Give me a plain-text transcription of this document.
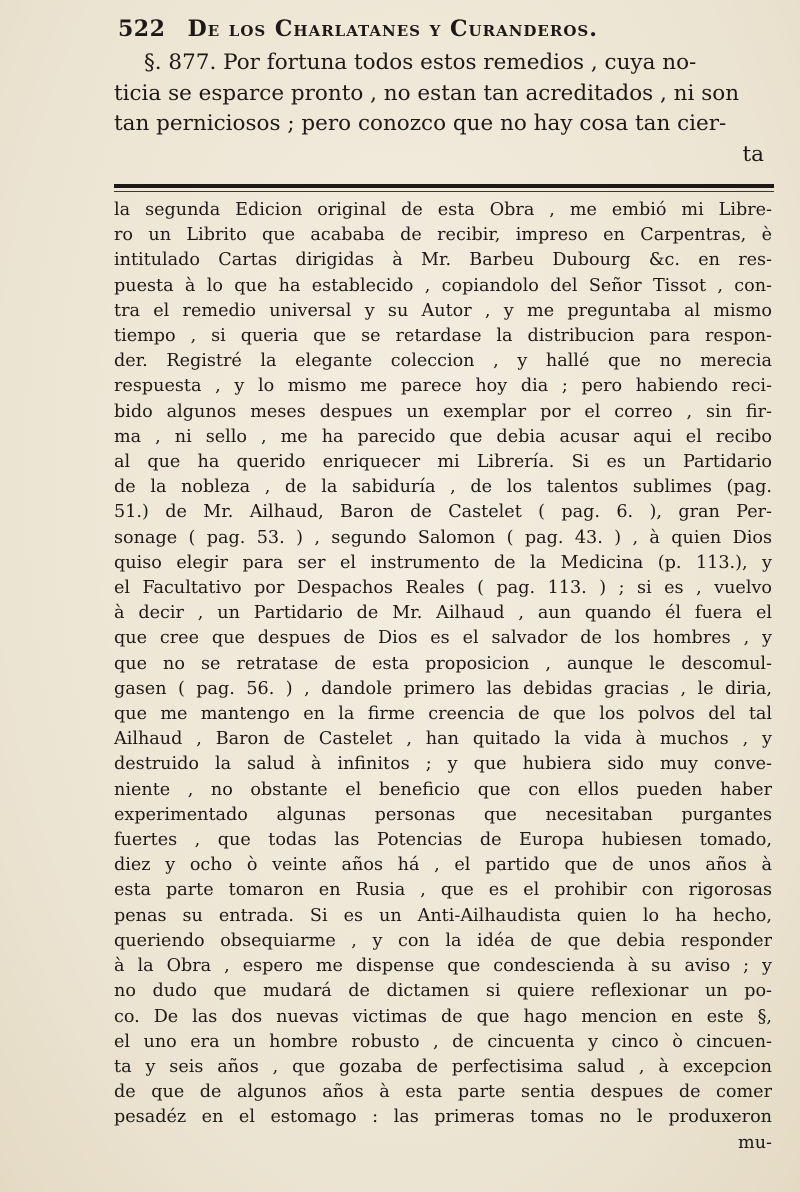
522 De los Charlatanes y Curanderos.
§. 877. Por fortuna todos estos remedios , cuya no-
ticia se esparce pronto , no estan tan acreditados , ni son
tan perniciosos ; pero conozco que no hay cosa tan cier-
ta
la segunda Edicion original de esta Obra , me embió mi Libre-
ro un Librito que acababa de recibir, impreso en Carpentras, è
intitulado Cartas dirigidas à Mr. Barbeu Dubourg &c. en res-
puesta à lo que ha establecido , copiandolo del Señor Tissot , con-
tra el remedio universal y su Autor , y me preguntaba al mismo
tiempo , si queria que se retardase la distribucion para respon-
der. Registré la elegante coleccion , y hallé que no merecia
respuesta , y lo mismo me parece hoy dia ; pero habiendo reci-
bido algunos meses despues un exemplar por el correo , sin fir-
ma , ni sello , me ha parecido que debia acusar aqui el recibo
al que ha querido enriquecer mi Librería. Si es un Partidario
de la nobleza , de la sabiduría , de los talentos sublimes (pag.
51.) de Mr. Ailhaud, Baron de Castelet ( pag. 6. ), gran Per-
sonage ( pag. 53. ) , segundo Salomon ( pag. 43. ) , à quien Dios
quiso elegir para ser el instrumento de la Medicina (p. 113.), y
el Facultativo por Despachos Reales ( pag. 113. ) ; si es , vuelvo
à decir , un Partidario de Mr. Ailhaud , aun quando él fuera el
que cree que despues de Dios es el salvador de los hombres , y
que no se retratase de esta proposicion , aunque le descomul-
gasen ( pag. 56. ) , dandole primero las debidas gracias , le diria,
que me mantengo en la firme creencia de que los polvos del tal
Ailhaud , Baron de Castelet , han quitado la vida à muchos , y
destruido la salud à infinitos ; y que hubiera sido muy conve-
niente , no obstante el beneficio que con ellos pueden haber
experimentado algunas personas que necesitaban purgantes
fuertes , que todas las Potencias de Europa hubiesen tomado,
diez y ocho ò veinte años há , el partido que de unos años à
esta parte tomaron en Rusia , que es el prohibir con rigorosas
penas su entrada. Si es un Anti-Ailhaudista quien lo ha hecho,
queriendo obsequiarme , y con la idéa de que debia responder
à la Obra , espero me dispense que condescienda à su aviso ; y
no dudo que mudará de dictamen si quiere reflexionar un po-
co. De las dos nuevas victimas de que hago mencion en este §,
el uno era un hombre robusto , de cincuenta y cinco ò cincuen-
ta y seis años , que gozaba de perfectisima salud , à excepcion
de que de algunos años à esta parte sentia despues de comer
pesadéz en el estomago : las primeras tomas no le produxeron
mu-
